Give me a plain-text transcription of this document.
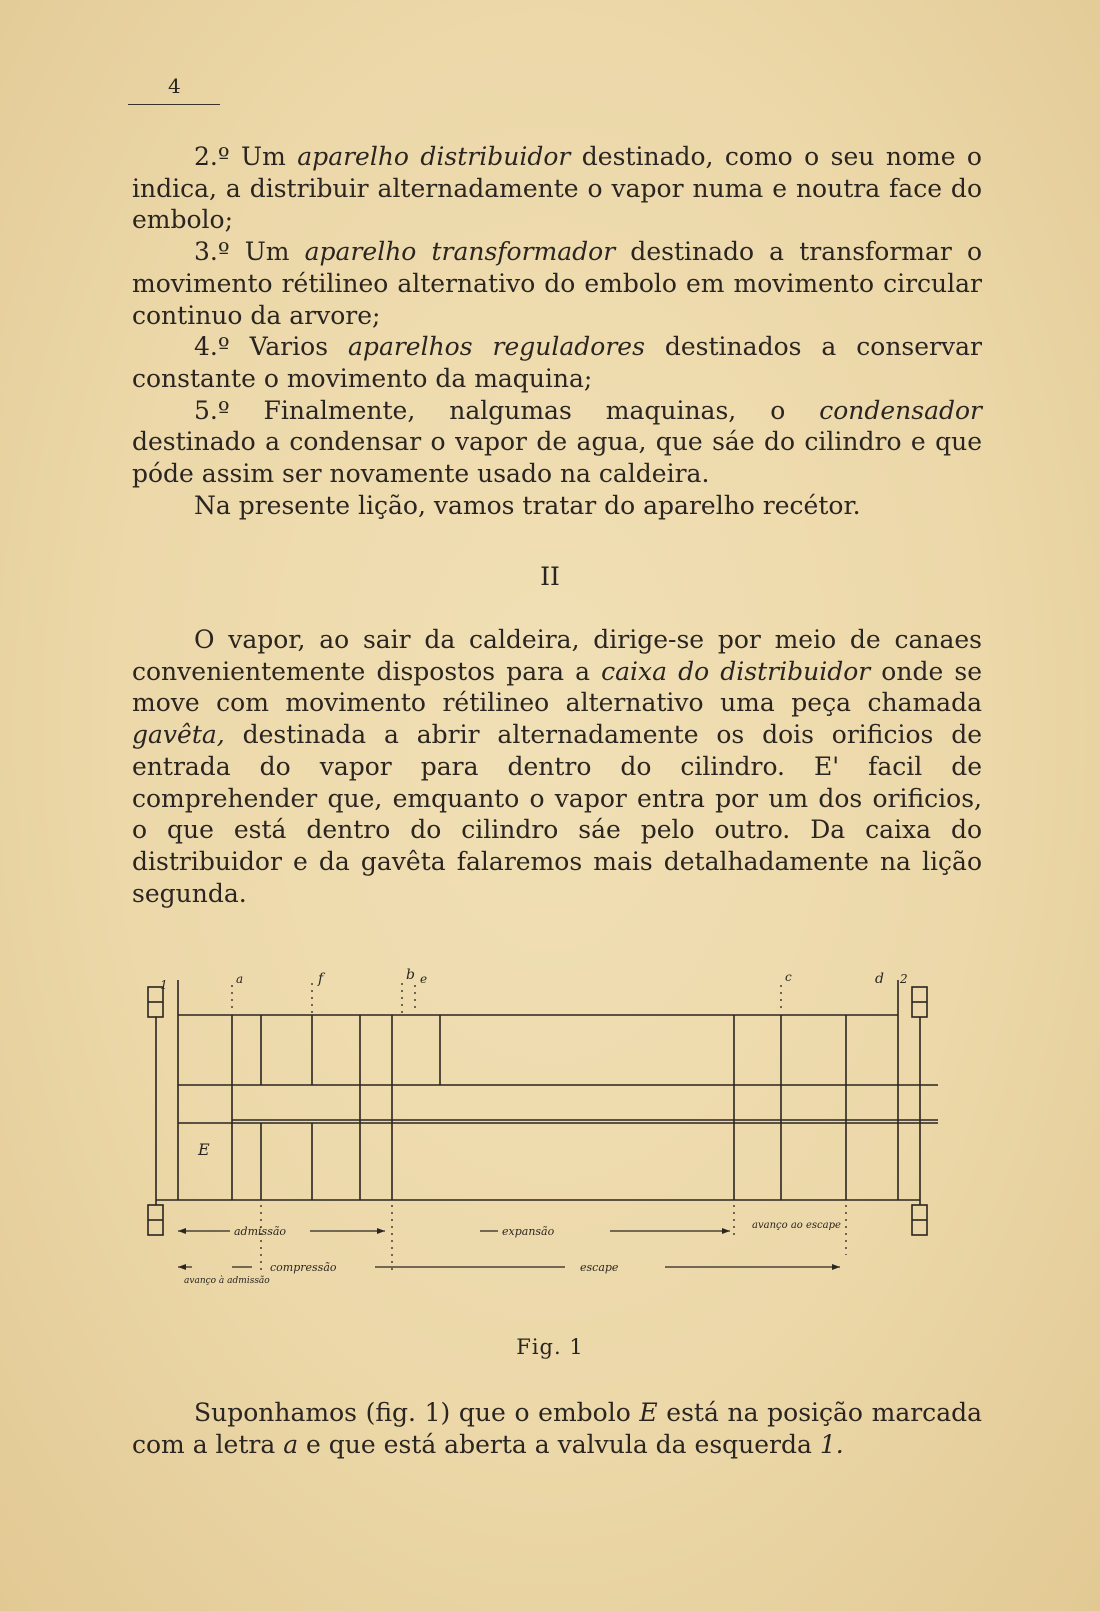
4

2.º Um aparelho distribuidor destinado, como o seu nome o indica, a distribuir alternadamente o vapor numa e noutra face do embolo;

3.º Um aparelho transformador destinado a transformar o movimento rétilineo alternativo do embolo em movimento circular continuo da arvore;

4.º Varios aparelhos reguladores destinados a conservar constante o movimento da maquina;

5.º Finalmente, nalgumas maquinas, o condensador destinado a condensar o vapor de agua, que sáe do cilindro e que póde assim ser novamente usado na caldeira.

Na presente lição, vamos tratar do aparelho recétor.

II

O vapor, ao sair da caldeira, dirige-se por meio de canaes convenientemente dispostos para a caixa do distribuidor onde se move com movimento rétilineo alternativo uma peça chamada gavêta, destinada a abrir alternadamente os dois orificios de entrada do vapor para dentro do cilindro. E' facil de comprehender que, emquanto o vapor entra por um dos orificios, o que está dentro do cilindro sáe pelo outro. Da caixa do distribuidor e da gavêta falaremos mais detalhadamente na lição segunda.

1	a	f	b e	c	d 2
E
admissão	expansão	avanço ao escape
avanço à admissão
compressão	escape
Fig. 1

Suponhamos (fig. 1) que o embolo E está na posição marcada com a letra a e que está aberta a valvula da esquerda 1.
